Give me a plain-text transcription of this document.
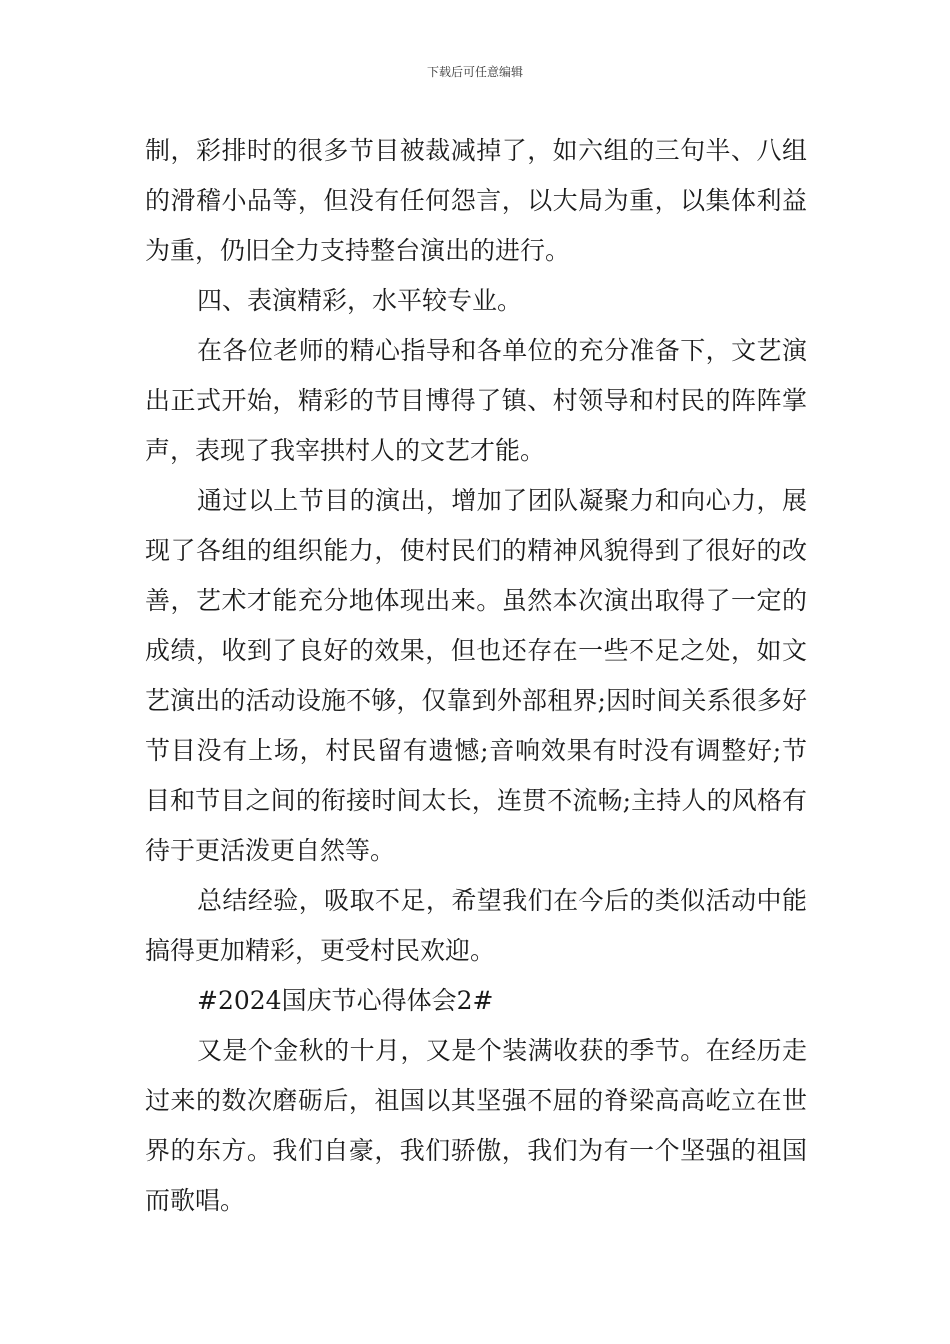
下载后可任意编辑

制，彩排时的很多节目被裁减掉了，如六组的三句半、八组的滑稽小品等，但没有任何怨言，以大局为重，以集体利益为重，仍旧全力支持整台演出的进行。

四、表演精彩，水平较专业。

在各位老师的精心指导和各单位的充分准备下，文艺演出正式开始，精彩的节目博得了镇、村领导和村民的阵阵掌声，表现了我宰拱村人的文艺才能。

通过以上节目的演出，增加了团队凝聚力和向心力，展现了各组的组织能力，使村民们的精神风貌得到了很好的改善，艺术才能充分地体现出来。虽然本次演出取得了一定的成绩，收到了良好的效果，但也还存在一些不足之处，如文艺演出的活动设施不够，仅靠到外部租界;因时间关系很多好节目没有上场，村民留有遗憾;音响效果有时没有调整好;节目和节目之间的衔接时间太长，连贯不流畅;主持人的风格有待于更活泼更自然等。

总结经验，吸取不足，希望我们在今后的类似活动中能搞得更加精彩，更受村民欢迎。

#2024国庆节心得体会2#

又是个金秋的十月，又是个装满收获的季节。在经历走过来的数次磨砺后，祖国以其坚强不屈的脊梁高高屹立在世界的东方。我们自豪，我们骄傲，我们为有一个坚强的祖国而歌唱。
